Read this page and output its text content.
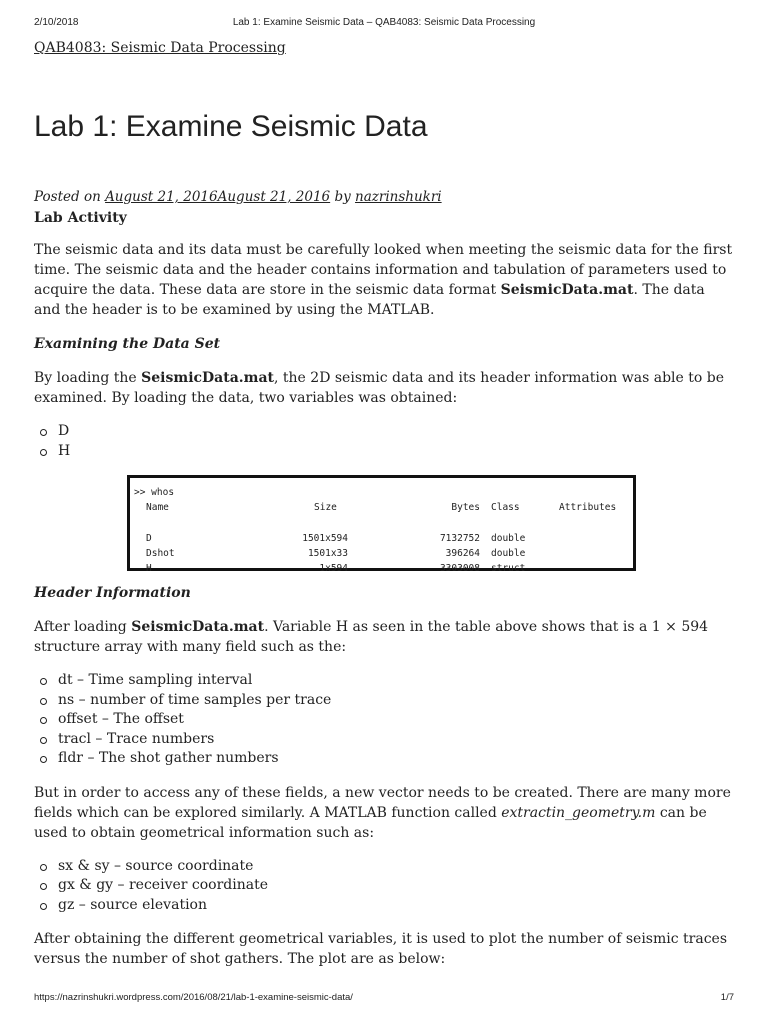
2/10/2018	Lab 1: Examine Seismic Data – QAB4083: Seismic Data Processing
QAB4083: Seismic Data Processing
Lab 1: Examine Seismic Data
Posted on August 21, 2016August 21, 2016 by nazrinshukri

Lab Activity

The seismic data and its data must be carefully looked when meeting the seismic data for the first time. The seismic data and the header contains information and tabulation of parameters used to acquire the data. These data are store in the seismic data format SeismicData.mat. The data and the header is to be examined by using the MATLAB.

Examining the Data Set

By loading the SeismicData.mat, the 2D seismic data and its header information was able to be examined. By loading the data, two variables was obtained:

D
H
>> whos
Name	Size	Bytes Class	Attributes
D	1501x594	7132752 double
Dshot	1501x33	396264 double
H	1x594	3303008 struct

Header Information

After loading SeismicData.mat. Variable H as seen in the table above shows that is a 1 × 594 structure array with many field such as the:

dt – Time sampling interval
ns – number of time samples per trace
offset – The offset
tracl – Trace numbers
fldr – The shot gather numbers

But in order to access any of these fields, a new vector needs to be created. There are many more fields which can be explored similarly. A MATLAB function called extractin_geometry.m can be used to obtain geometrical information such as:

sx & sy – source coordinate
gx & gy – receiver coordinate
gz – source elevation

After obtaining the different geometrical variables, it is used to plot the number of seismic traces versus the number of shot gathers. The plot are as below:

https://nazrinshukri.wordpress.com/2016/08/21/lab-1-examine-seismic-data/	1/7
